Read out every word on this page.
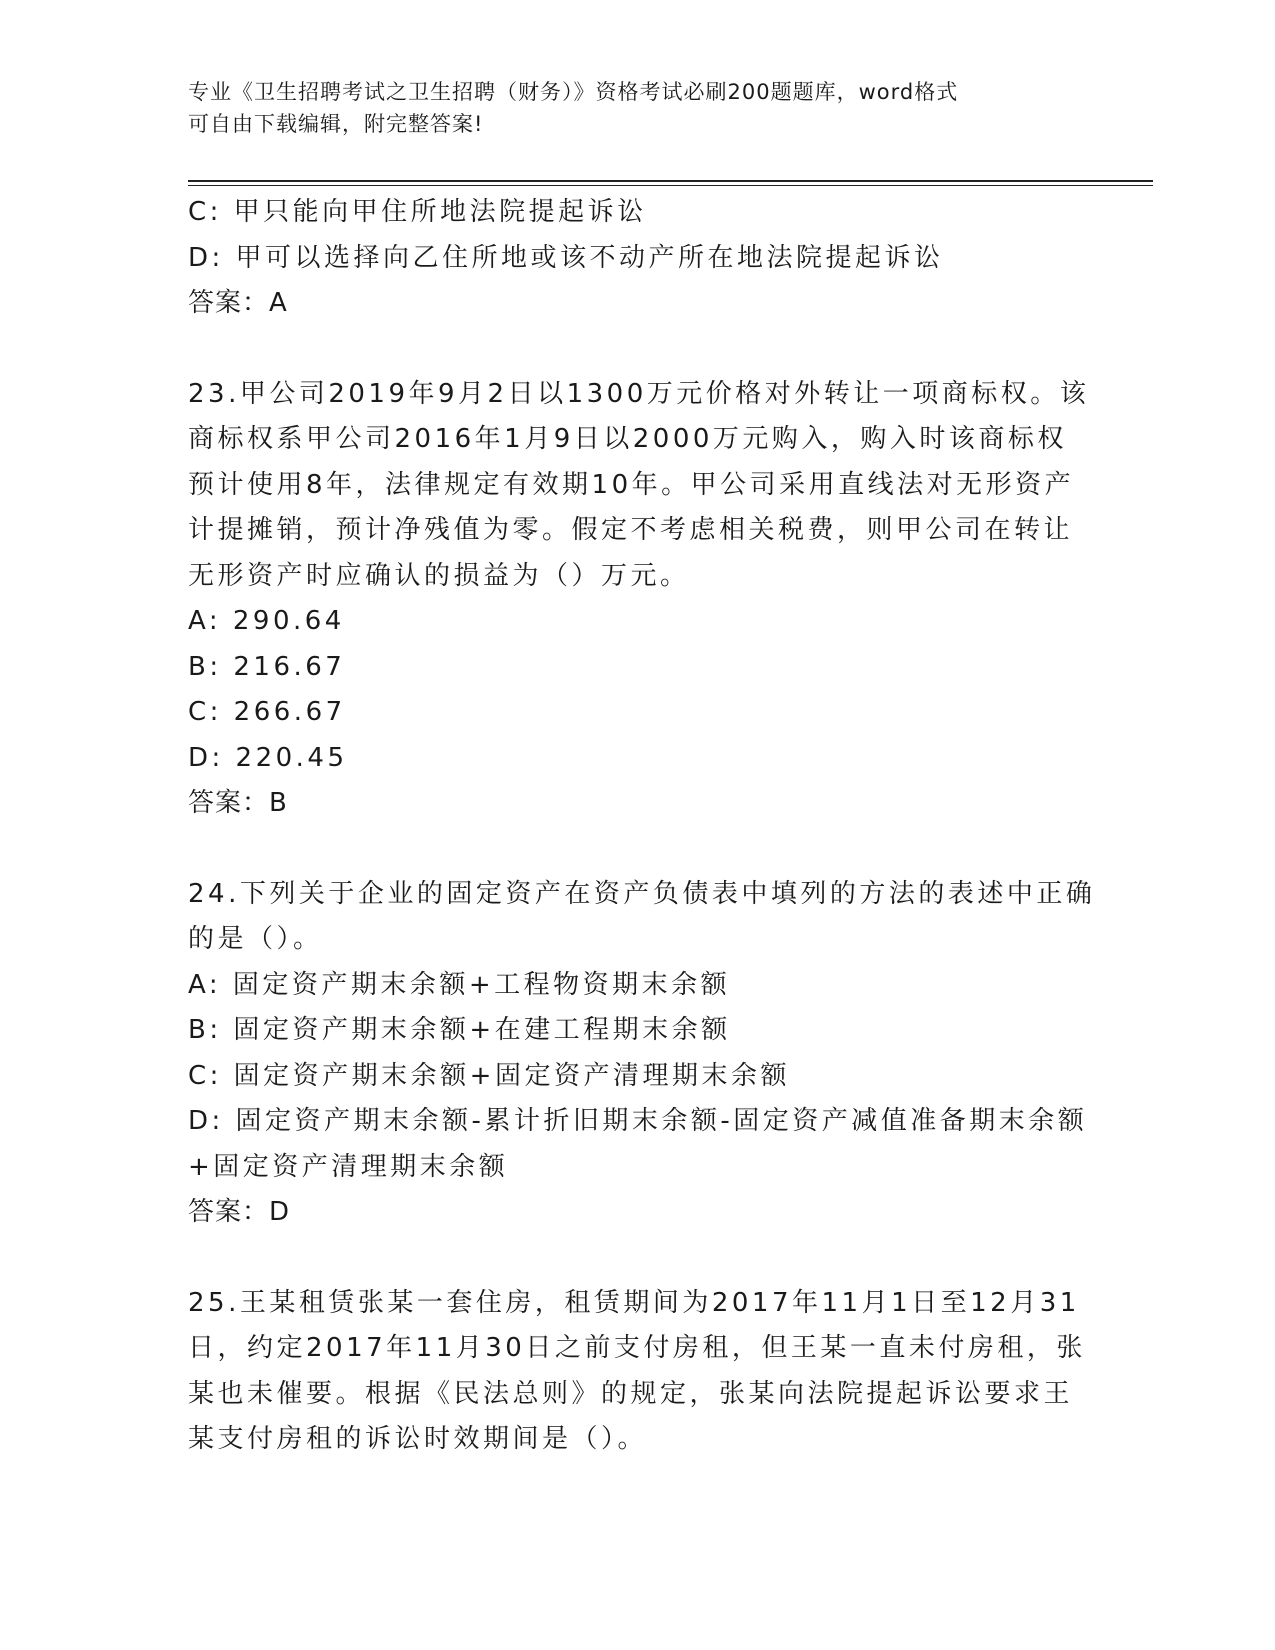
专业《卫生招聘考试之卫生招聘（财务）》资格考试必刷200题题库，word格式
可自由下载编辑，附完整答案!
C: 甲只能向甲住所地法院提起诉讼
D: 甲可以选择向乙住所地或该不动产所在地法院提起诉讼
答案：A
23.甲公司2019年9月2日以1300万元价格对外转让一项商标权。该
商标权系甲公司2016年1月9日以2000万元购入，购入时该商标权
预计使用8年，法律规定有效期10年。甲公司采用直线法对无形资产
计提摊销，预计净残值为零。假定不考虑相关税费，则甲公司在转让
无形资产时应确认的损益为（）万元。
A: 290.64
B: 216.67
C: 266.67
D: 220.45
答案：B
24.下列关于企业的固定资产在资产负债表中填列的方法的表述中正确
的是（）。
A: 固定资产期末余额+工程物资期末余额
B: 固定资产期末余额+在建工程期末余额
C: 固定资产期末余额+固定资产清理期末余额
D: 固定资产期末余额-累计折旧期末余额-固定资产减值准备期末余额
+固定资产清理期末余额
答案：D
25.王某租赁张某一套住房，租赁期间为2017年11月1日至12月31
日，约定2017年11月30日之前支付房租，但王某一直未付房租，张
某也未催要。根据《民法总则》的规定，张某向法院提起诉讼要求王
某支付房租的诉讼时效期间是（）。
